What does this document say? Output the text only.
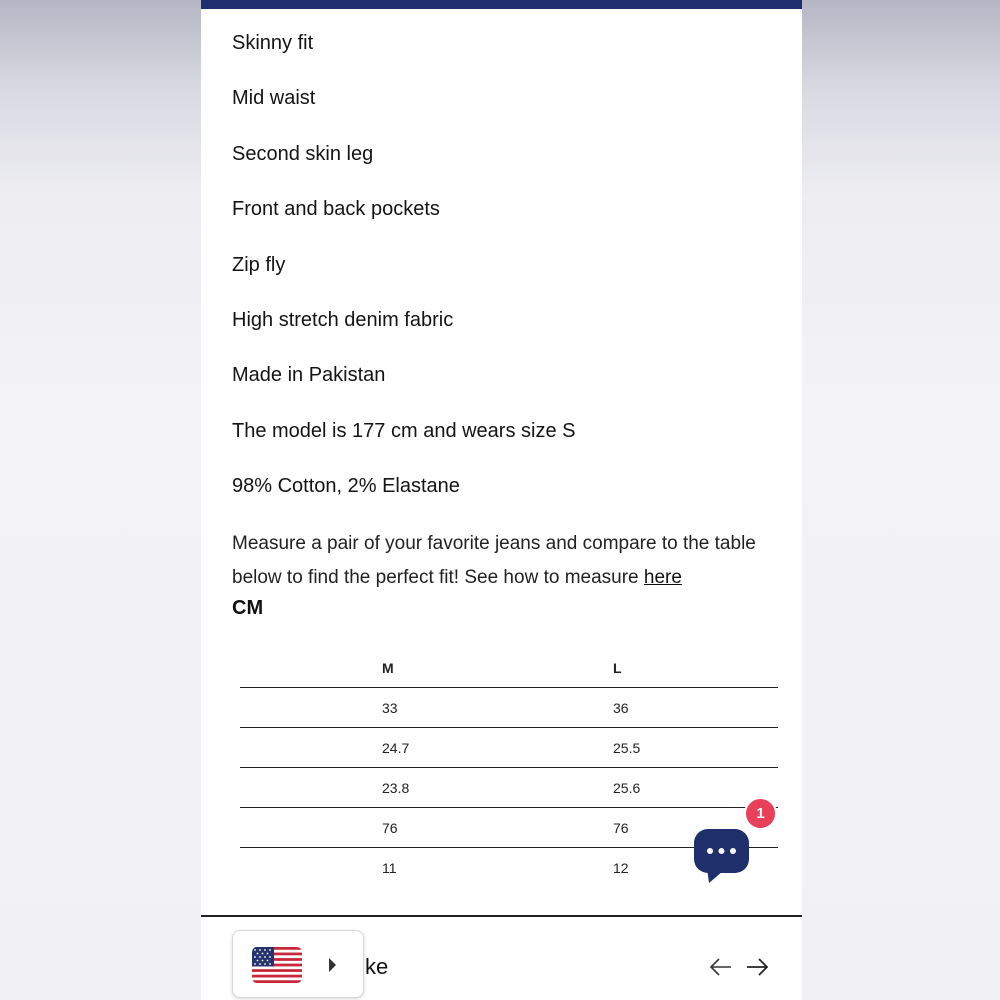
Skinny fit
Mid waist
Second skin leg
Front and back pockets
Zip fly
High stretch denim fabric
Made in Pakistan
The model is 177 cm and wears size S
98% Cotton, 2% Elastane
Measure a pair of your favorite jeans and compare to the table below to find the perfect fit! See how to measure here
CM
	M	L
	33	36
	24.7	25.5
	23.8	25.6
	76	76
	11	12
ke
1
